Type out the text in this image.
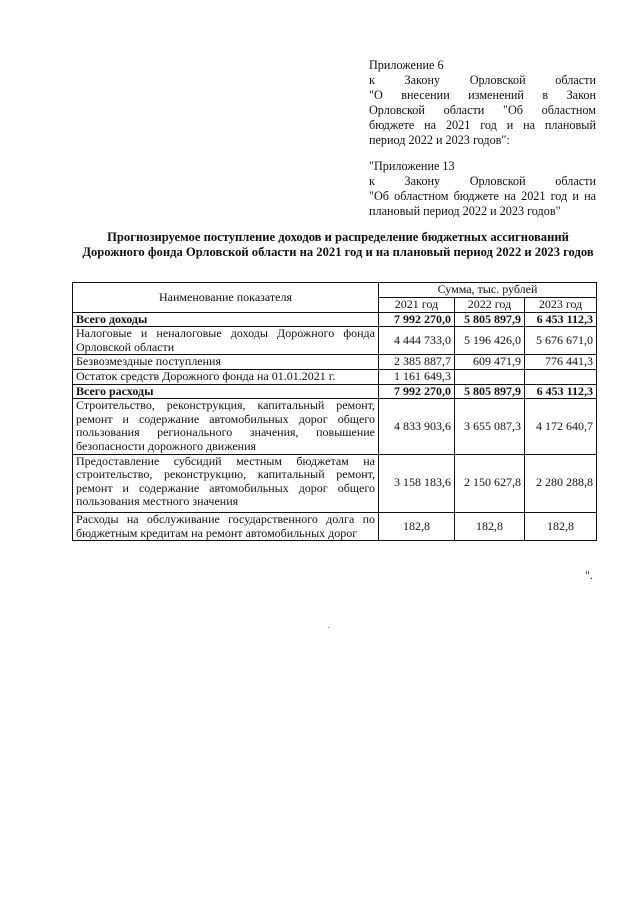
Приложение 6
к Закону Орловской области
"О внесении изменений в Закон
Орловской области "Об областном
бюджете на 2021 год и на плановый
период 2022 и 2023 годов":
"Приложение 13
к Закону Орловской области
"Об областном бюджете на 2021 год и на плановый период 2022 и 2023 годов"
Прогнозируемое поступление доходов и распределение бюджетных ассигнований Дорожного фонда Орловской области на 2021 год и на плановый период 2022 и 2023 годов
Наименование показателя	Сумма, тыс. рублей		
	2021 год	2022 год	2023 год
Всего доходы	7 992 270,0	5 805 897,9	6 453 112,3
Налоговые и неналоговые доходы Дорожного фонда Орловской области	4 444 733,0	5 196 426,0	5 676 671,0
Безвозмездные поступления	2 385 887,7	609 471,9	776 441,3
Остаток средств Дорожного фонда на 01.01.2021 г.	1 161 649,3		
Всего расходы	7 992 270,0	5 805 897,9	6 453 112,3
Строительство, реконструкция, капитальный ремонт, ремонт и содержание автомобильных дорог общего пользования регионального значения, повышение безопасности дорожного движения	4 833 903,6	3 655 087,3	4 172 640,7
Предоставление субсидий местным бюджетам на строительство, реконструкцию, капитальный ремонт, ремонт и содержание автомобильных дорог общего пользования местного значения	3 158 183,6	2 150 627,8	2 280 288,8
Расходы на обслуживание государственного долга по бюджетным кредитам на ремонт автомобильных дорог	182,8	182,8	182,8
".
